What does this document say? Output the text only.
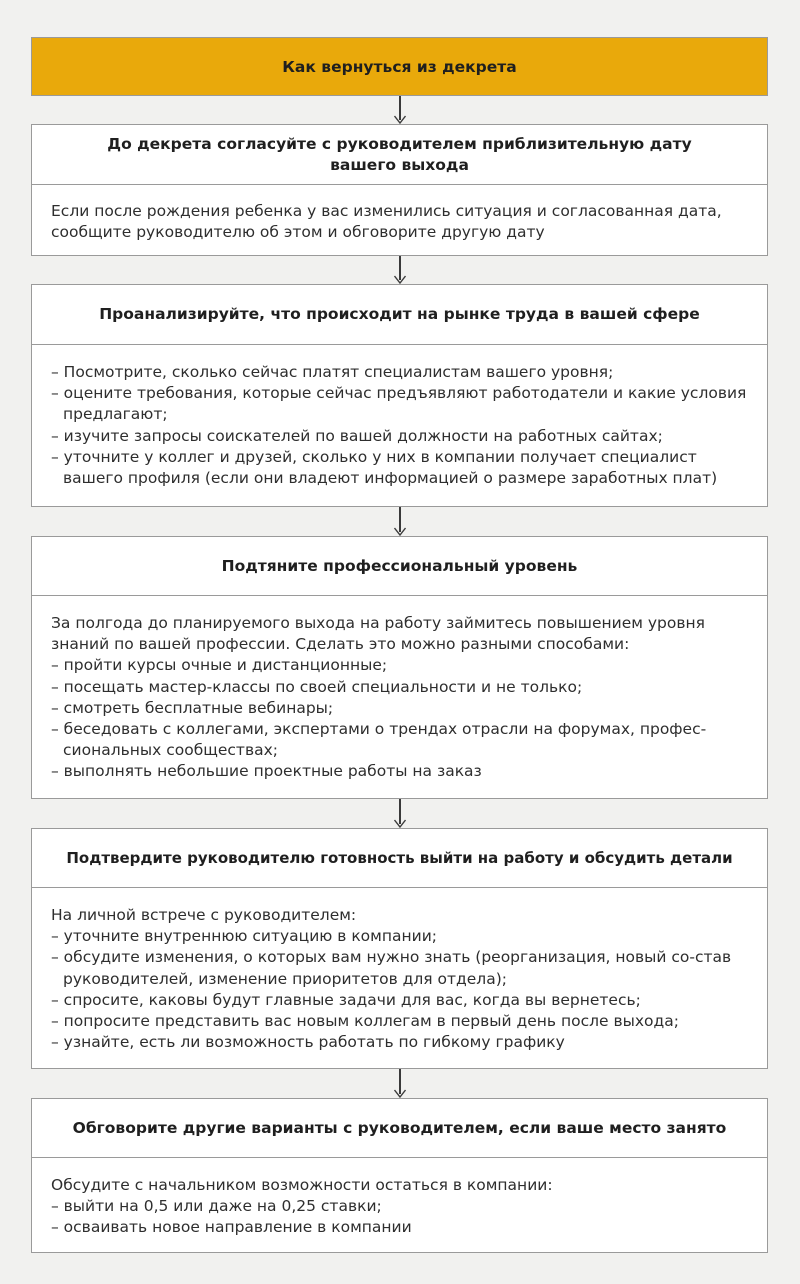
Как вернуться из декрета
До декрета согласуйте с руководителем приблизительную дату вашего выхода

Если после рождения ребенка у вас изменились ситуация и согласованная дата, сообщите руководителю об этом и обговорите другую дату

Проанализируйте, что происходит на рынке труда в вашей сфере
– Посмотрите, сколько сейчас платят специалистам вашего уровня;
– оцените требования, которые сейчас предъявляют работодатели и какие условия предлагают;
– изучите запросы соискателей по вашей должности на работных сайтах;
– уточните у коллег и друзей, сколько у них в компании получает специалист вашего профиля (если они владеют информацией о размере заработных плат)
Подтяните профессиональный уровень

За полгода до планируемого выхода на работу займитесь повышением уровня знаний по вашей профессии. Сделать это можно разными способами:

– пройти курсы очные и дистанционные;
– посещать мастер-классы по своей специальности и не только;
– смотреть бесплатные вебинары;
– беседовать с коллегами, экспертами о трендах отрасли на форумах, профес-сиональных сообществах;
– выполнять небольшие проектные работы на заказ
Подтвердите руководителю готовность выйти на работу и обсудить детали

На личной встрече с руководителем:

– уточните внутреннюю ситуацию в компании;
– обсудите изменения, о которых вам нужно знать (реорганизация, новый со-став руководителей, изменение приоритетов для отдела);
– спросите, каковы будут главные задачи для вас, когда вы вернетесь;
– попросите представить вас новым коллегам в первый день после выхода;
– узнайте, есть ли возможность работать по гибкому графику
Обговорите другие варианты с руководителем, если ваше место занято

Обсудите с начальником возможности остаться в компании:

– выйти на 0,5 или даже на 0,25 ставки;
– осваивать новое направление в компании
